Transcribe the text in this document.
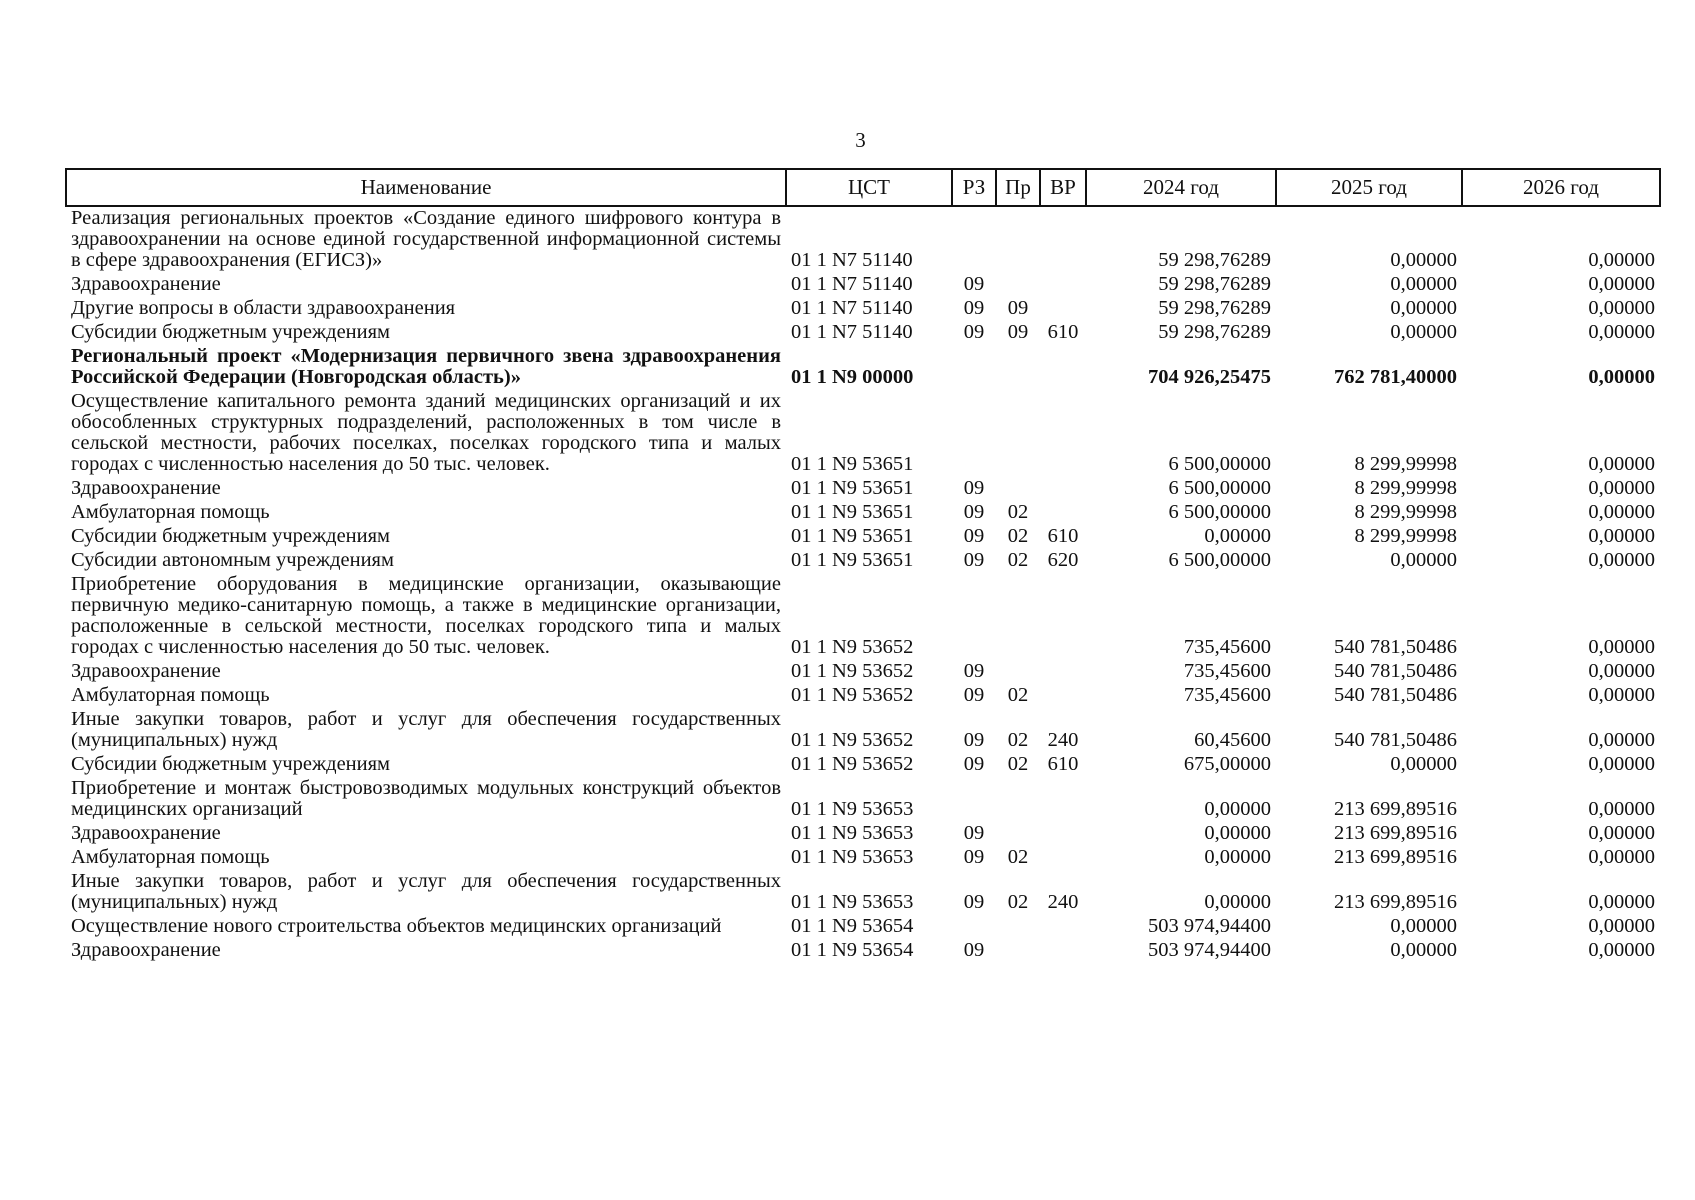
3
Наименование	ЦСТ	РЗ	Пр	ВР	2024 год	2025 год	2026 год
Реализация региональных проектов «Создание единого шифрового контура в здравоохранении на основе единой государственной информационной системы в сфере здравоохранения (ЕГИСЗ)»	01 1 N7 51140				59 298,76289	0,00000	0,00000
Здравоохранение	01 1 N7 51140	09			59 298,76289	0,00000	0,00000
Другие вопросы в области здравоохранения	01 1 N7 51140	09	09		59 298,76289	0,00000	0,00000
Субсидии бюджетным учреждениям	01 1 N7 51140	09	09	610	59 298,76289	0,00000	0,00000
Региональный проект «Модернизация первичного звена здравоохранения Российской Федерации (Новгородская область)»	01 1 N9 00000				704 926,25475	762 781,40000	0,00000
Осуществление капитального ремонта зданий медицинских организаций и их обособленных структурных подразделений, расположенных в том числе в сельской местности, рабочих поселках, поселках городского типа и малых городах с численностью населения до 50 тыс. человек.	01 1 N9 53651				6 500,00000	8 299,99998	0,00000
Здравоохранение	01 1 N9 53651	09			6 500,00000	8 299,99998	0,00000
Амбулаторная помощь	01 1 N9 53651	09	02		6 500,00000	8 299,99998	0,00000
Субсидии бюджетным учреждениям	01 1 N9 53651	09	02	610	0,00000	8 299,99998	0,00000
Субсидии автономным учреждениям	01 1 N9 53651	09	02	620	6 500,00000	0,00000	0,00000
Приобретение оборудования в медицинские организации, оказывающие первичную медико-санитарную помощь, а также в медицинские организации, расположенные в сельской местности, поселках городского типа и малых городах с численностью населения до 50 тыс. человек.	01 1 N9 53652				735,45600	540 781,50486	0,00000
Здравоохранение	01 1 N9 53652	09			735,45600	540 781,50486	0,00000
Амбулаторная помощь	01 1 N9 53652	09	02		735,45600	540 781,50486	0,00000
Иные закупки товаров, работ и услуг для обеспечения государственных (муниципальных) нужд	01 1 N9 53652	09	02	240	60,45600	540 781,50486	0,00000
Субсидии бюджетным учреждениям	01 1 N9 53652	09	02	610	675,00000	0,00000	0,00000
Приобретение и монтаж быстровозводимых модульных конструкций объектов медицинских организаций	01 1 N9 53653				0,00000	213 699,89516	0,00000
Здравоохранение	01 1 N9 53653	09			0,00000	213 699,89516	0,00000
Амбулаторная помощь	01 1 N9 53653	09	02		0,00000	213 699,89516	0,00000
Иные закупки товаров, работ и услуг для обеспечения государственных (муниципальных) нужд	01 1 N9 53653	09	02	240	0,00000	213 699,89516	0,00000
Осуществление нового строительства объектов медицинских организаций	01 1 N9 53654				503 974,94400	0,00000	0,00000
Здравоохранение	01 1 N9 53654	09			503 974,94400	0,00000	0,00000
